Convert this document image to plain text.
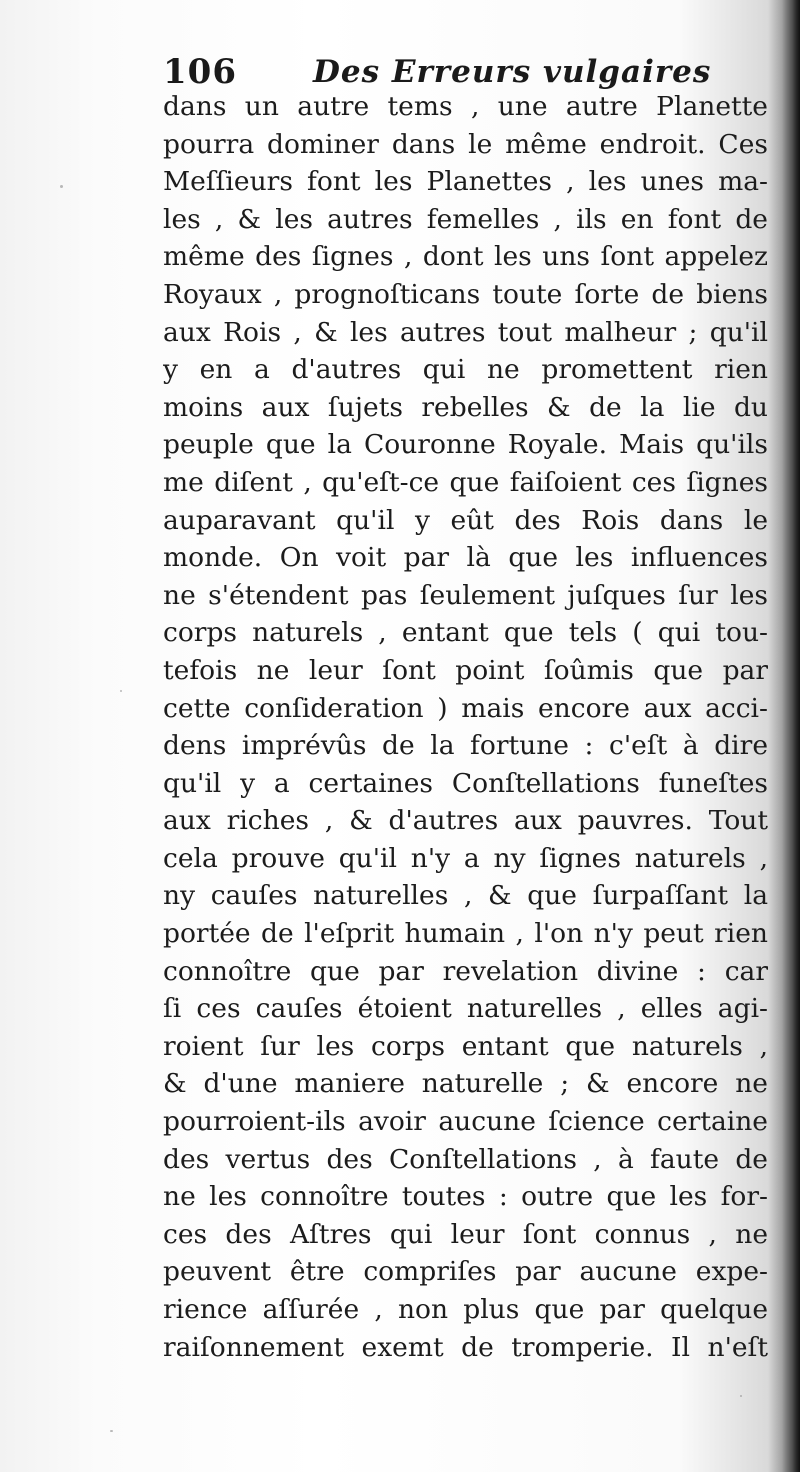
106 Des Erreurs vulgaires
dans un autre tems , une autre Planette
pourra dominer dans le même endroit. Ces
Meſſieurs font les Planettes , les unes ma-
les , & les autres femelles , ils en font de
même des ſignes , dont les uns ſont appelez
Royaux , prognoſticans toute ſorte de biens
aux Rois , & les autres tout malheur ; qu'il
y en a d'autres qui ne promettent rien
moins aux ſujets rebelles & de la lie du
peuple que la Couronne Royale. Mais qu'ils
me diſent , qu'eſt-ce que faiſoient ces ſignes
auparavant qu'il y eût des Rois dans le
monde. On voit par là que les influences
ne s'étendent pas ſeulement juſques ſur les
corps naturels , entant que tels ( qui tou-
tefois ne leur ſont point ſoûmis que par
cette conſideration ) mais encore aux acci-
dens imprévûs de la fortune : c'eſt à dire
qu'il y a certaines Conſtellations funeſtes
aux riches , & d'autres aux pauvres. Tout
cela prouve qu'il n'y a ny ſignes naturels ,
ny cauſes naturelles , & que ſurpaſſant la
portée de l'eſprit humain , l'on n'y peut rien
connoître que par revelation divine : car
ſi ces cauſes étoient naturelles , elles agi-
roient ſur les corps entant que naturels ,
& d'une maniere naturelle ; & encore ne
pourroient-ils avoir aucune ſcience certaine
des vertus des Conſtellations , à faute de
ne les connoître toutes : outre que les for-
ces des Aſtres qui leur ſont connus , ne
peuvent être compriſes par aucune expe-
rience aſſurée , non plus que par quelque
raiſonnement exemt de tromperie. Il n'eſt
